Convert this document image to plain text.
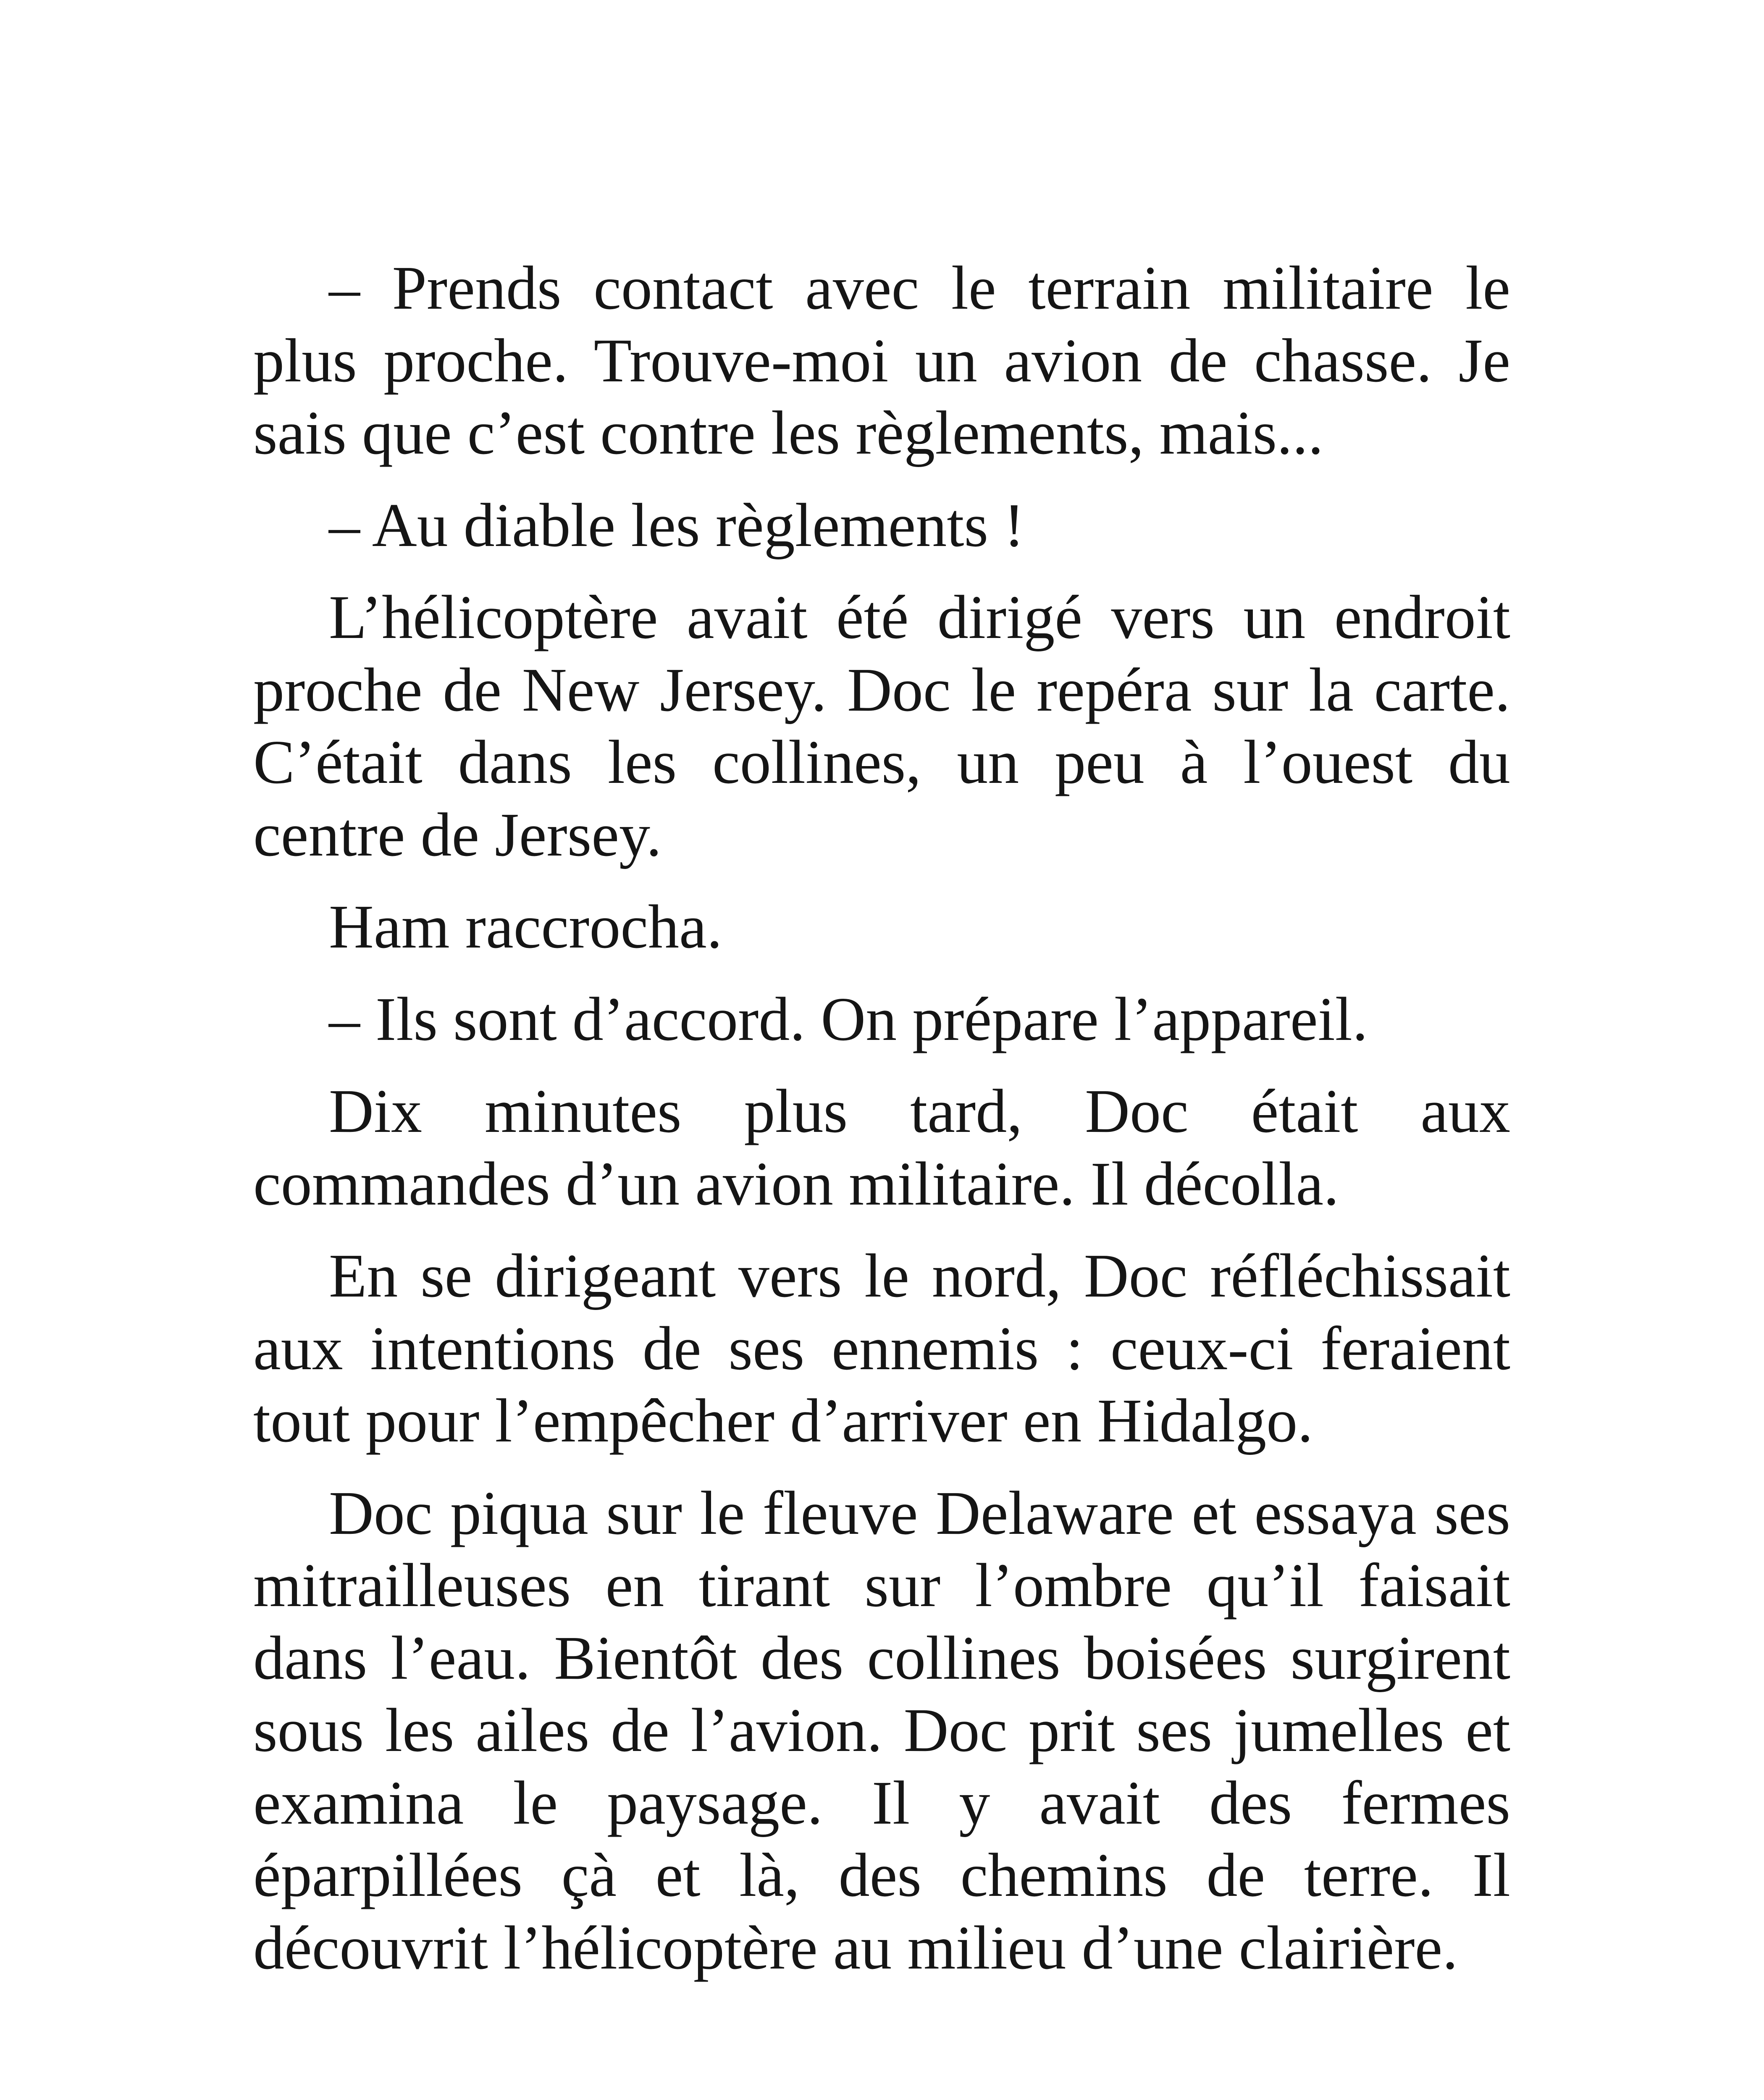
– Prends contact avec le terrain militaire le plus proche. Trouve-moi un avion de chasse. Je sais que c’est contre les règlements, mais...

– Au diable les règlements !

L’hélicoptère avait été dirigé vers un endroit proche de New Jersey. Doc le repéra sur la carte. C’était dans les collines, un peu à l’ouest du centre de Jersey.

Ham raccrocha.

– Ils sont d’accord. On prépare l’appareil.

Dix minutes plus tard, Doc était aux commandes d’un avion militaire. Il décolla.

En se dirigeant vers le nord, Doc réfléchissait aux intentions de ses ennemis : ceux-ci feraient tout pour l’empêcher d’arriver en Hidalgo.

Doc piqua sur le fleuve Delaware et essaya ses mitrailleuses en tirant sur l’ombre qu’il faisait dans l’eau. Bientôt des collines boisées surgirent sous les ailes de l’avion. Doc prit ses jumelles et examina le paysage. Il y avait des fermes éparpillées çà et là, des chemins de terre. Il découvrit l’hélicoptère au milieu d’une clairière.
